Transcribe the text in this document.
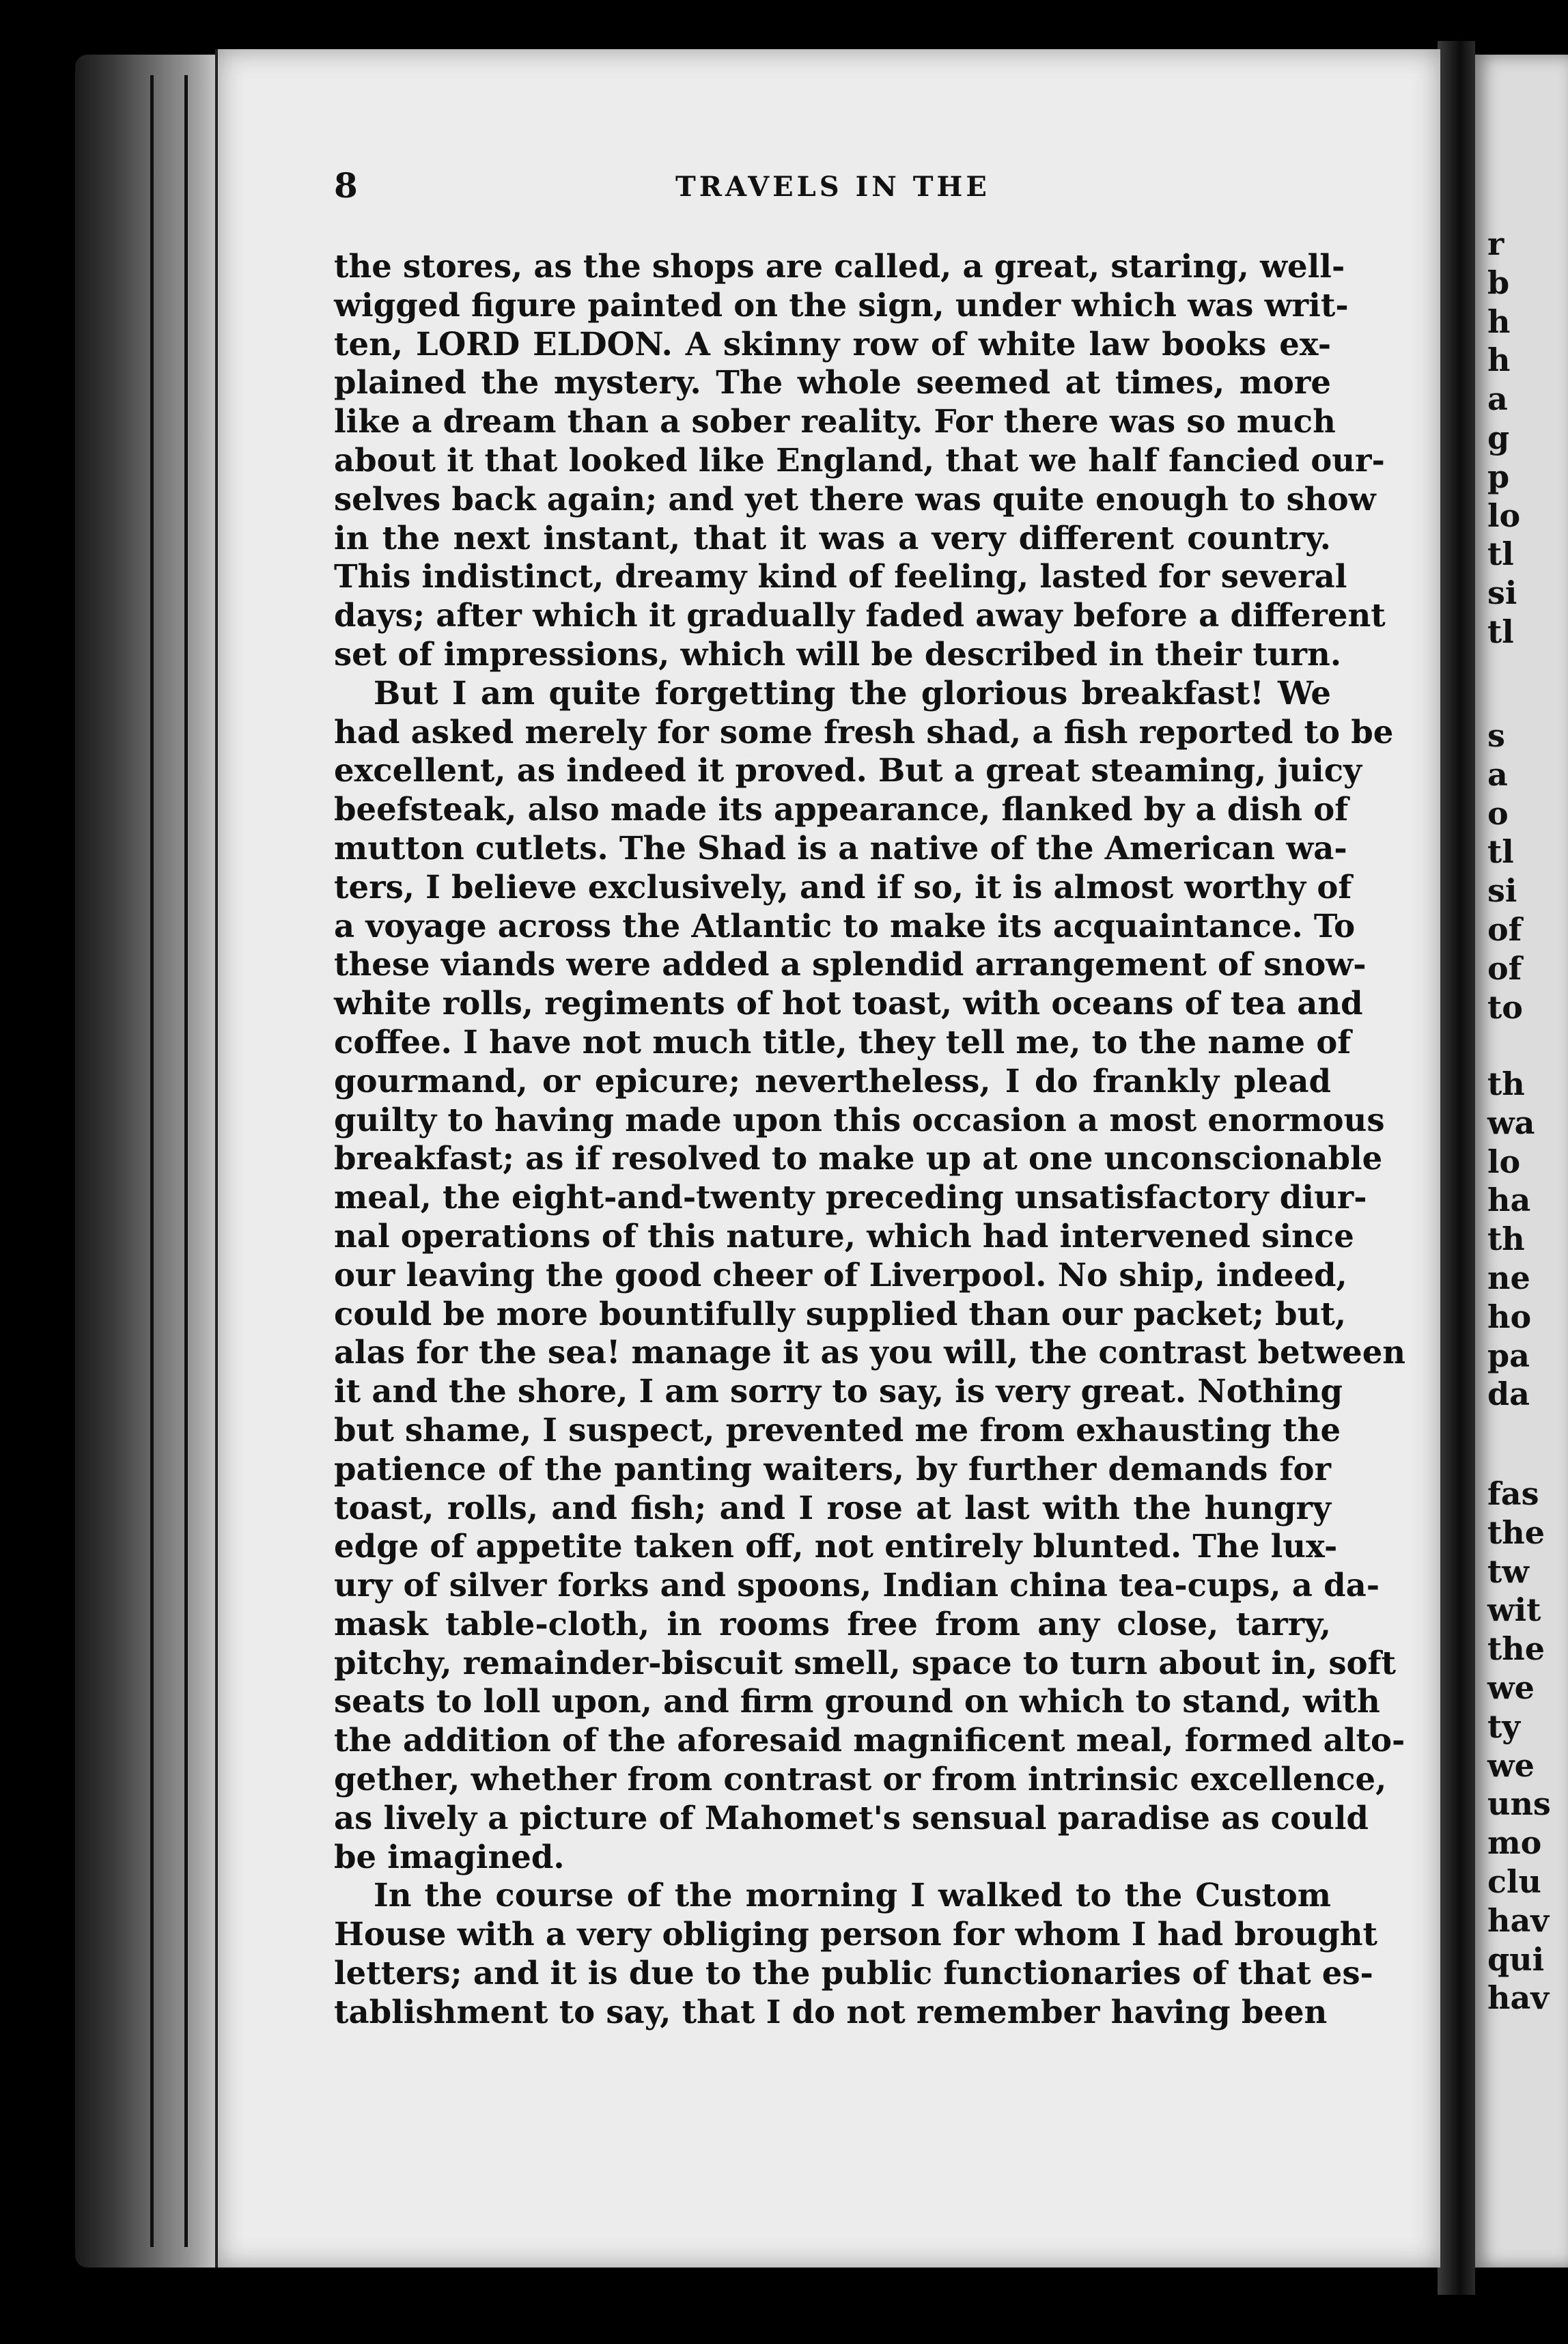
r
b
h
h
a
g
p
lo
tl
si
tl
s
a
o
tl
si
of
of
to
th
wa
lo
ha
th
ne
ho
pa
da
fas
the
tw
wit
the
we
ty
we
uns
mo
clu
hav
qui
hav
8	TRAVELS IN THE

the stores, as the shops are called, a great, staring, well-
wigged figure painted on the sign, under which was writ-
ten, LORD ELDON. A skinny row of white law books ex-
plained the mystery. The whole seemed at times, more
like a dream than a sober reality. For there was so much
about it that looked like England, that we half fancied our-
selves back again; and yet there was quite enough to show
in the next instant, that it was a very different country.
This indistinct, dreamy kind of feeling, lasted for several
days; after which it gradually faded away before a different
set of impressions, which will be described in their turn.

But I am quite forgetting the glorious breakfast! We
had asked merely for some fresh shad, a fish reported to be
excellent, as indeed it proved. But a great steaming, juicy
beefsteak, also made its appearance, flanked by a dish of
mutton cutlets. The Shad is a native of the American wa-
ters, I believe exclusively, and if so, it is almost worthy of
a voyage across the Atlantic to make its acquaintance. To
these viands were added a splendid arrangement of snow-
white rolls, regiments of hot toast, with oceans of tea and
coffee. I have not much title, they tell me, to the name of
gourmand, or epicure; nevertheless, I do frankly plead
guilty to having made upon this occasion a most enormous
breakfast; as if resolved to make up at one unconscionable
meal, the eight-and-twenty preceding unsatisfactory diur-
nal operations of this nature, which had intervened since
our leaving the good cheer of Liverpool. No ship, indeed,
could be more bountifully supplied than our packet; but,
alas for the sea! manage it as you will, the contrast between
it and the shore, I am sorry to say, is very great. Nothing
but shame, I suspect, prevented me from exhausting the
patience of the panting waiters, by further demands for
toast, rolls, and fish; and I rose at last with the hungry
edge of appetite taken off, not entirely blunted. The lux-
ury of silver forks and spoons, Indian china tea-cups, a da-
mask table-cloth, in rooms free from any close, tarry,
pitchy, remainder-biscuit smell, space to turn about in, soft
seats to loll upon, and firm ground on which to stand, with
the addition of the aforesaid magnificent meal, formed alto-
gether, whether from contrast or from intrinsic excellence,
as lively a picture of Mahomet's sensual paradise as could
be imagined.

In the course of the morning I walked to the Custom
House with a very obliging person for whom I had brought
letters; and it is due to the public functionaries of that es-
tablishment to say, that I do not remember having been
